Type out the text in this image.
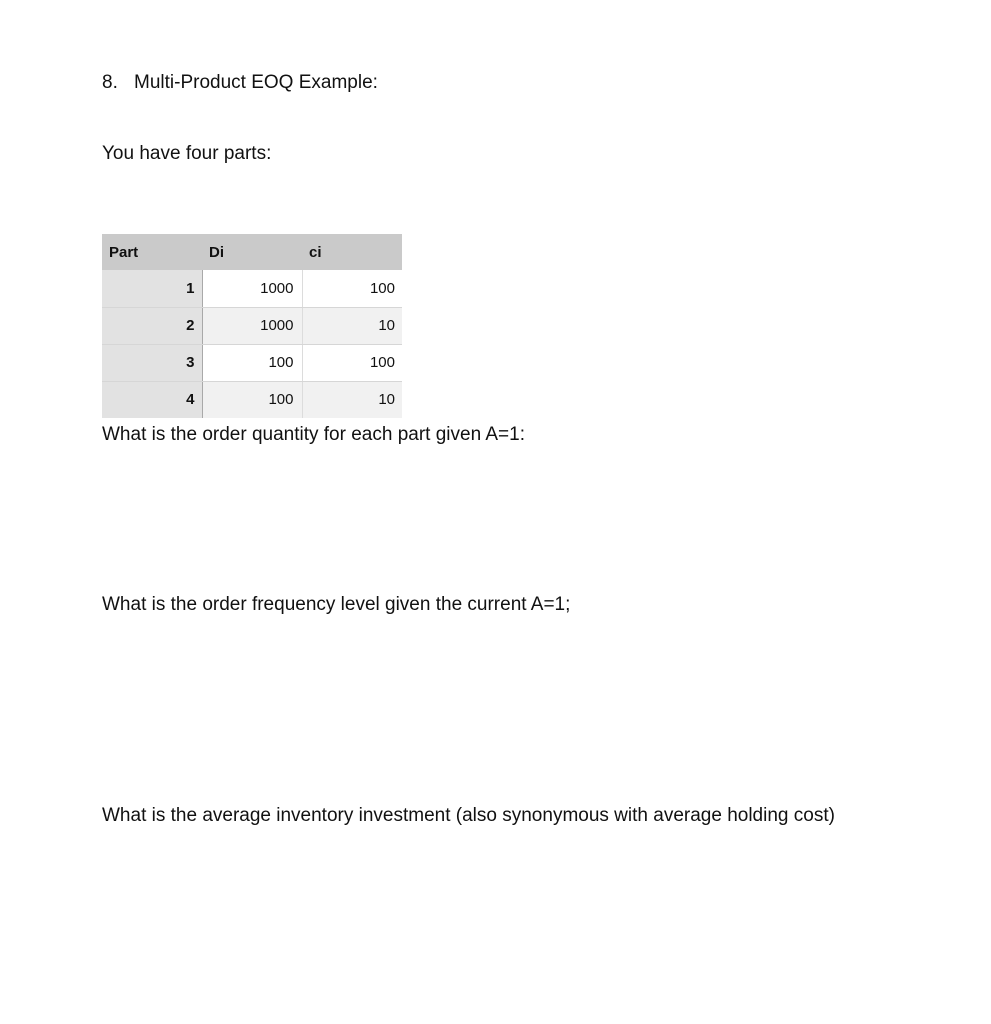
8. Multi-Product EOQ Example:
You have four parts:
Part	Di	ci
1	1000	100
2	1000	10
3	100	100
4	100	10
What is the order quantity for each part given A=1:
What is the order frequency level given the current A=1;
What is the average inventory investment (also synonymous with average holding cost)
